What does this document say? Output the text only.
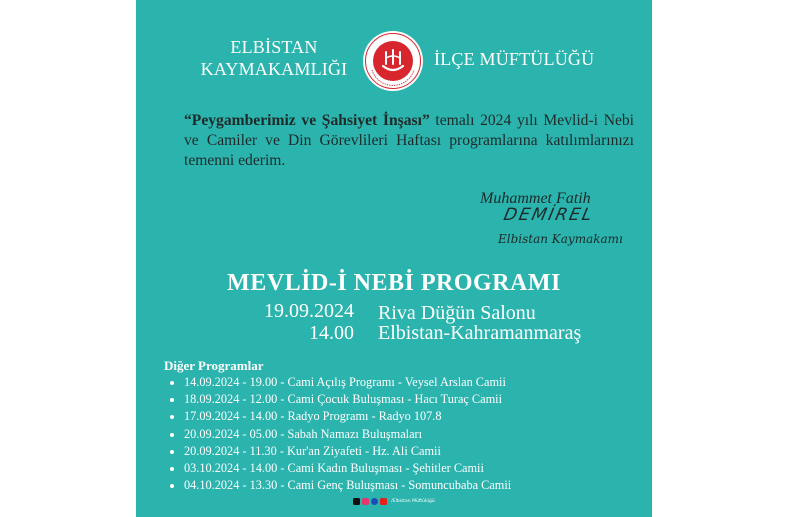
ELBİSTAN
KAYMAKAMLIĞI	İLÇE MÜFTÜLÜĞÜ

“Peygamberimiz ve Şahsiyet İnşası” temalı 2024 yılı Mevlid-i Nebi ve Camiler ve Din Görevlileri Haftası programlarına katılımlarınızı temenni ederim.

Muhammet Fatih
DEMİREL
Elbistan Kaymakamı
MEVLİD-İ NEBİ PROGRAMI
19.09.2024
14.00
Riva Düğün Salonu
Elbistan-Kahramanmaraş
Diğer Programlar
• 14.09.2024 - 19.00 - Cami Açılış Programı - Veysel Arslan Camii
• 18.09.2024 - 12.00 - Cami Çocuk Buluşması - Hacı Turaç Camii
• 17.09.2024 - 14.00 - Radyo Programı - Radyo 107.8
• 20.09.2024 - 05.00 - Sabah Namazı Buluşmaları
• 20.09.2024 - 11.30 - Kur'an Ziyafeti - Hz. Ali Camii
• 03.10.2024 - 14.00 - Cami Kadın Buluşması - Şehitler Camii
• 04.10.2024 - 13.30 - Cami Genç Buluşması - Somuncubaba Camii
/Elbistan Müftülüğü
